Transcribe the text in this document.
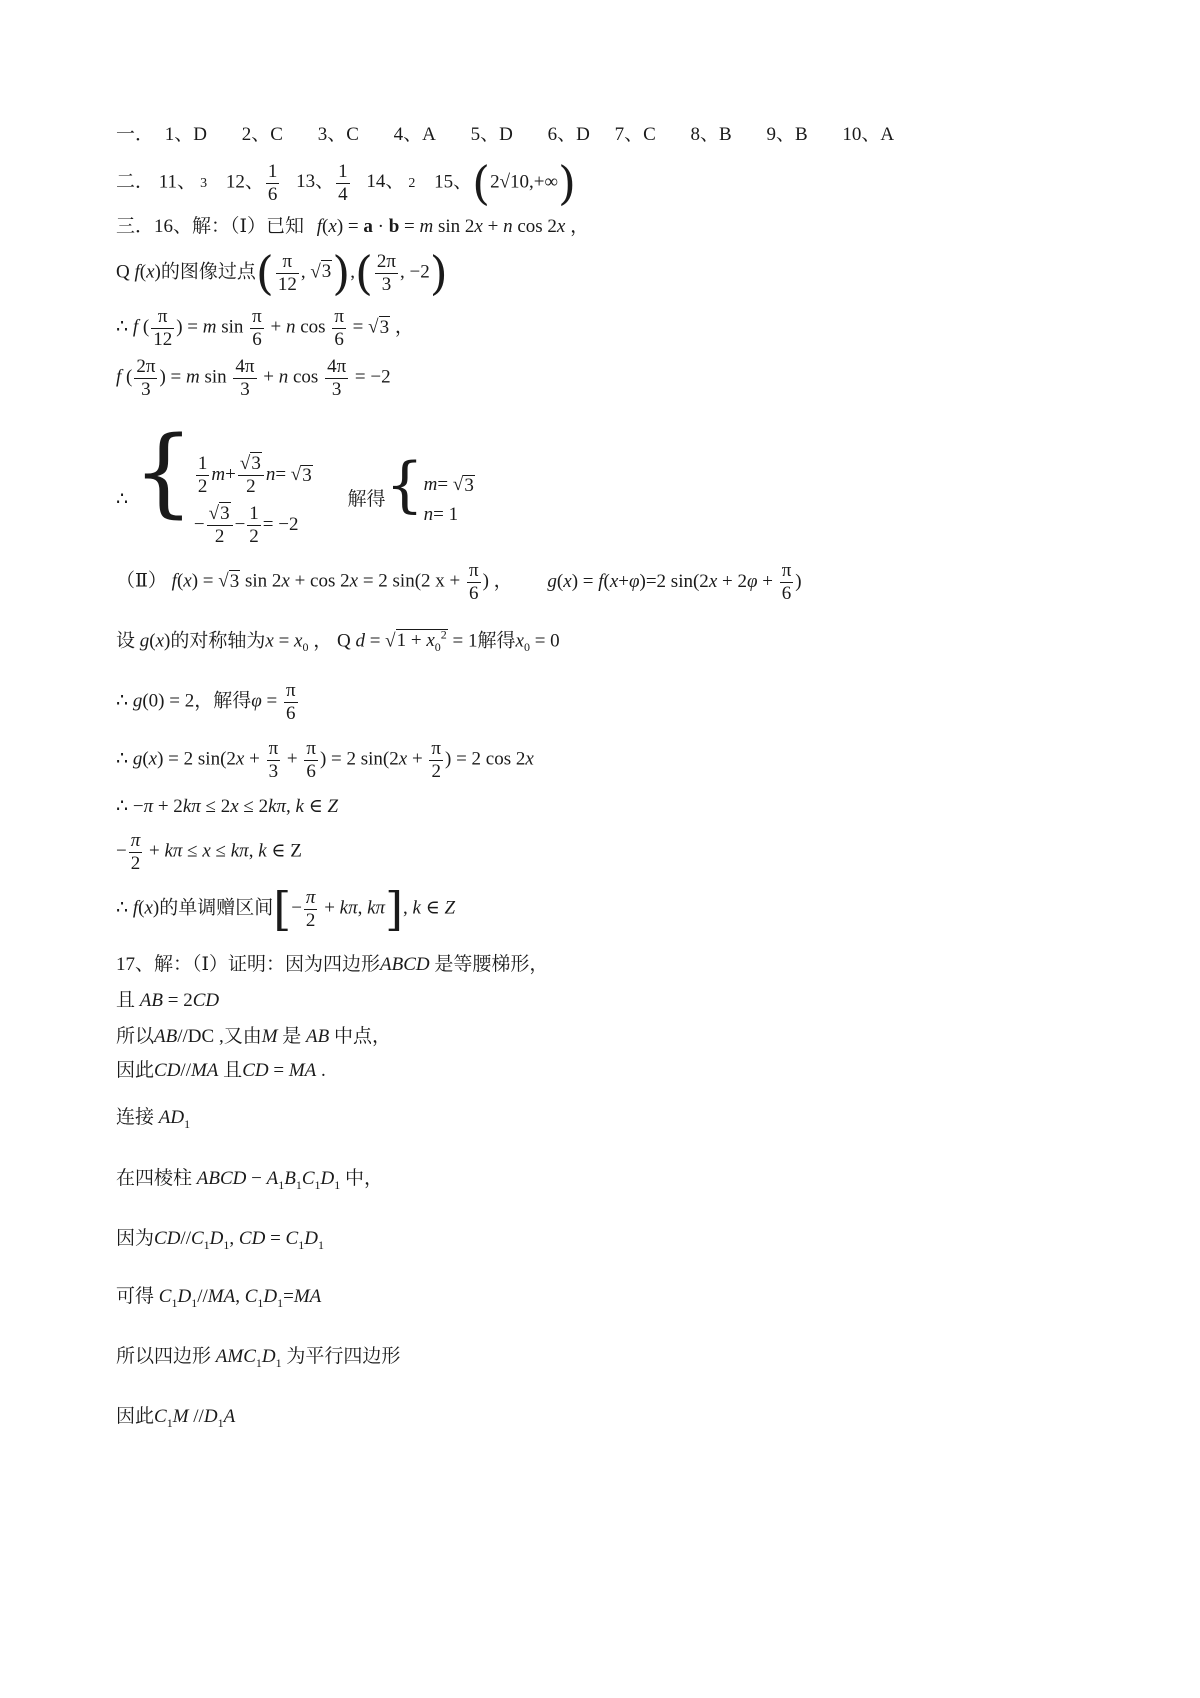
一． 1、D 2、C 3、C 4、A 5、D 6、D 7、C 8、B 9、B 10、A
二． 11、 3 12、 $\frac{1}{6} 13$、 $\frac{1}{4} 14$、 2 15、(2√10,+∞)
三．16、解：（Ⅰ）已知 f(x) = a · b = m sin 2x + n cos 2x ，
Q f(x)的图像过点( $\frac{\pi}{12}$ , $√3),( \frac{2\pi}{3}$ , −2)
∴ f ( $\frac{\pi}{12}$ ) = m $\sin \frac{\pi}{6} + n$ $\cos \frac{\pi}{6} = √3$ ，
f ( $\frac{2\pi}{3}$ ) = m $\sin \frac{4\pi}{3} + n$ $\cos \frac{4\pi}{3} = -2$
∴ { $\frac{1}{2}$ $m + \frac{√3}{2}$ n = √ 3
− $\frac{√3}{2} - \frac{1}{2} = -2$
解得{ m = √ 3
n = 1
（Ⅱ） f(x) = √3 sin 2x + cos 2x = 2 sin(2 $x + \frac{\pi}{6}$ ) ， g(x) = f(x+φ)=2 $\sin(2x + 2\varphi + \frac{\pi}{6}$ )
设 g(x)的对称轴为$x = x_0$ ， Q $d = √1 + x_0^2 = 1$解得$x_0 = 0$
∴ g(0) = 2，解得$\varphi = \frac{\pi}{6}$
∴ g(x) = 2 $\sin(2x + \frac{\pi}{3} + \frac{\pi}{6}$ ) = 2 $\sin(2x + \frac{\pi}{2}$ ) = 2 cos 2x
∴ −π + 2kπ ≤ 2x ≤ 2kπ, k ∈ Z
− $\frac{\pi}{2} + k\pi \le x \le k\pi$, k ∈ Z
∴ f(x)的单调赠区间[− $\frac{\pi}{2} + k\pi$, kπ], k ∈ Z
17、解：（Ⅰ）证明：因为四边形ABCD 是等腰梯形，
且 AB = 2CD
所以AB//DC ,又由M 是 AB 中点，
因此CD//MA 且CD = MA .
连接 $AD_1$
在四棱柱 ABCD − $A_1B_1C_1D_1$ 中，
因为$CD//C_1D_1$, CD = $C_1D_1$
可得 $C_1D_1//MA$, $C_1D_1=MA$
所以四边形 $AMC_1D_1$ 为平行四边形
因此$C_1M$ $//D_1A$
